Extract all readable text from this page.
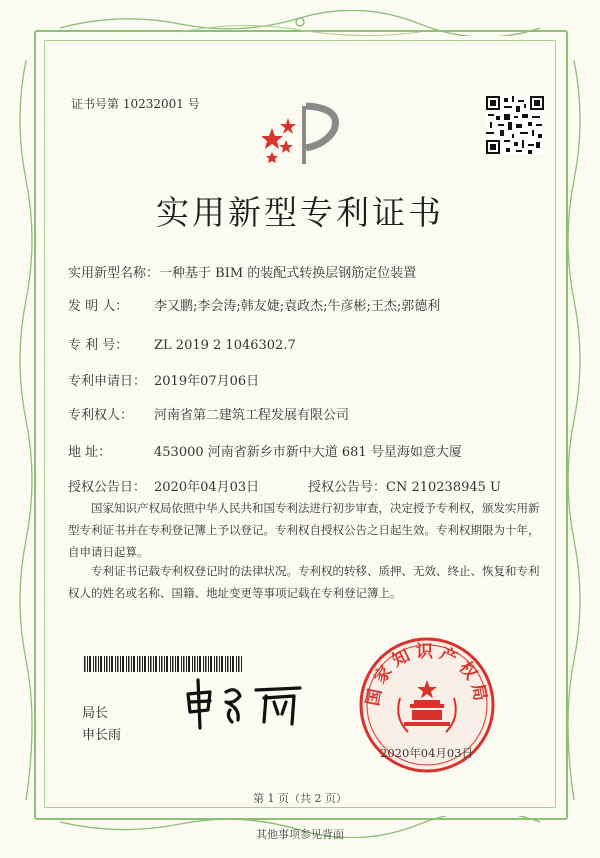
证书号第 10232001 号
实用新型专利证书
实用新型名称：一种基于 BIM 的装配式转换层钢筋定位装置
发 明 人： 李又鹏;李会涛;韩友婕;袁政杰;牛彦彬;王杰;郭德利
专 利 号： ZL 2019 2 1046302.7
专利申请日： 2019年07月06日
专利权人： 河南省第二建筑工程发展有限公司
地 址：	453000 河南省新乡市新中大道 681 号星海如意大厦
授权公告日： 2020年04月03日	授权公告号：CN 210238945 U
国家知识产权局依照中华人民共和国专利法进行初步审查，决定授予专利权，颁发实用新型专利证书并在专利登记簿上予以登记。专利权自授权公告之日起生效。专利权期限为十年，自申请日起算。
专利证书记载专利权登记时的法律状况。专利权的转移、质押、无效、终止、恢复和专利权人的姓名或名称、国籍、地址变更等事项记载在专利登记簿上。
局长
申长雨
国家知识产权局
2020年04月03日
第 1 页（共 2 页）
其他事项参见背面
